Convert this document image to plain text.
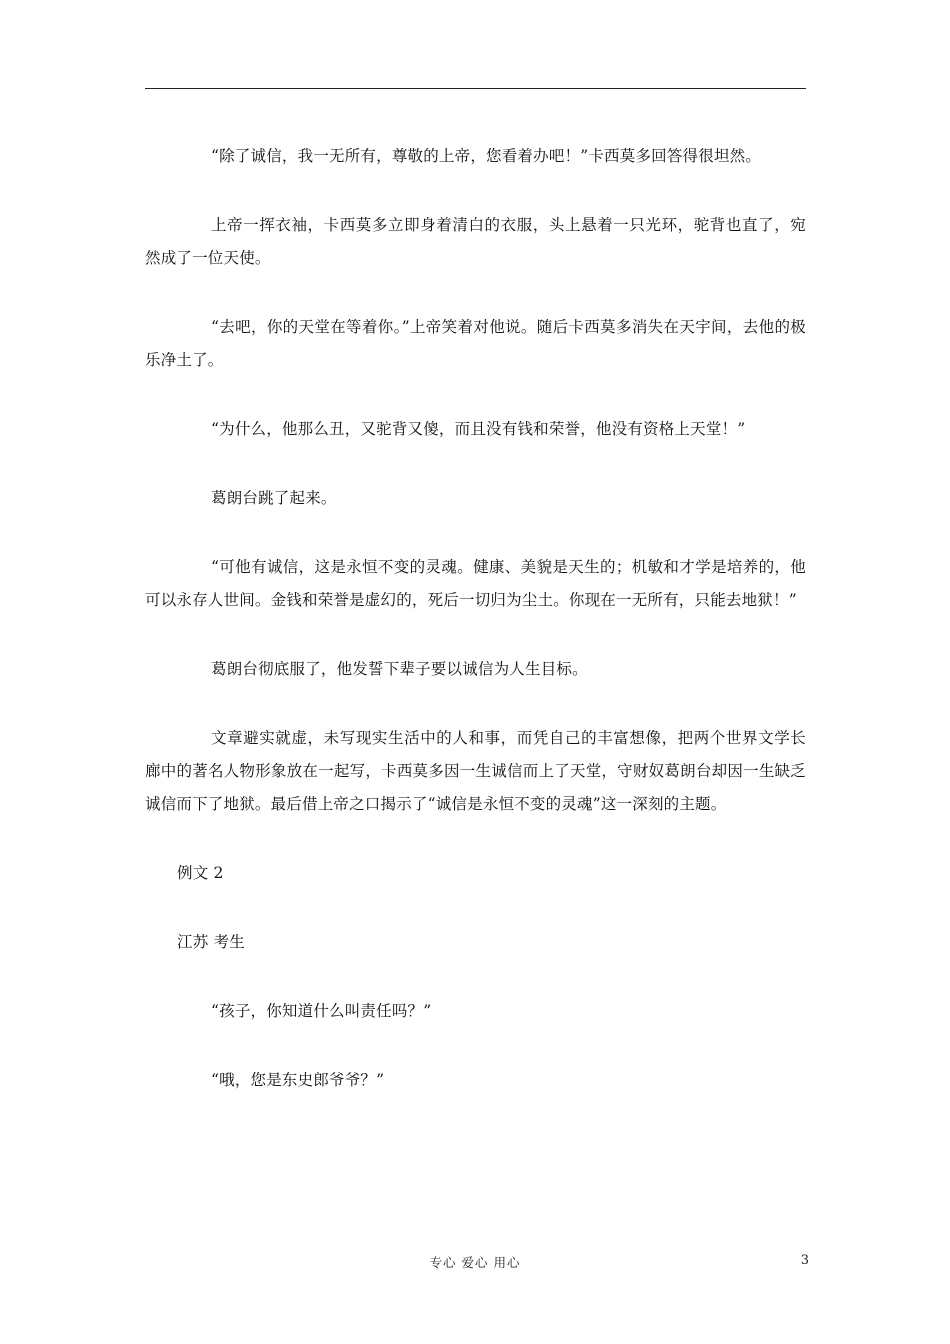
“除了诚信，我一无所有，尊敬的上帝，您看着办吧！”卡西莫多回答得很坦然。

上帝一挥衣袖，卡西莫多立即身着清白的衣服，头上悬着一只光环，驼背也直了，宛然成了一位天使。

“去吧，你的天堂在等着你。”上帝笑着对他说。随后卡西莫多消失在天宇间，去他的极乐净土了。

“为什么，他那么丑，又驼背又傻，而且没有钱和荣誉，他没有资格上天堂！”

葛朗台跳了起来。

“可他有诚信，这是永恒不变的灵魂。健康、美貌是天生的；机敏和才学是培养的，他可以永存人世间。金钱和荣誉是虚幻的，死后一切归为尘土。你现在一无所有，只能去地狱！”

葛朗台彻底服了，他发誓下辈子要以诚信为人生目标。

文章避实就虚，未写现实生活中的人和事，而凭自己的丰富想像，把两个世界文学长廊中的著名人物形象放在一起写，卡西莫多因一生诚信而上了天堂，守财奴葛朗台却因一生缺乏诚信而下了地狱。最后借上帝之口揭示了“诚信是永恒不变的灵魂”这一深刻的主题。

例文 2

江苏 考生

“孩子，你知道什么叫责任吗？”

“哦，您是东史郎爷爷？”

专心 爱心 用心	3
